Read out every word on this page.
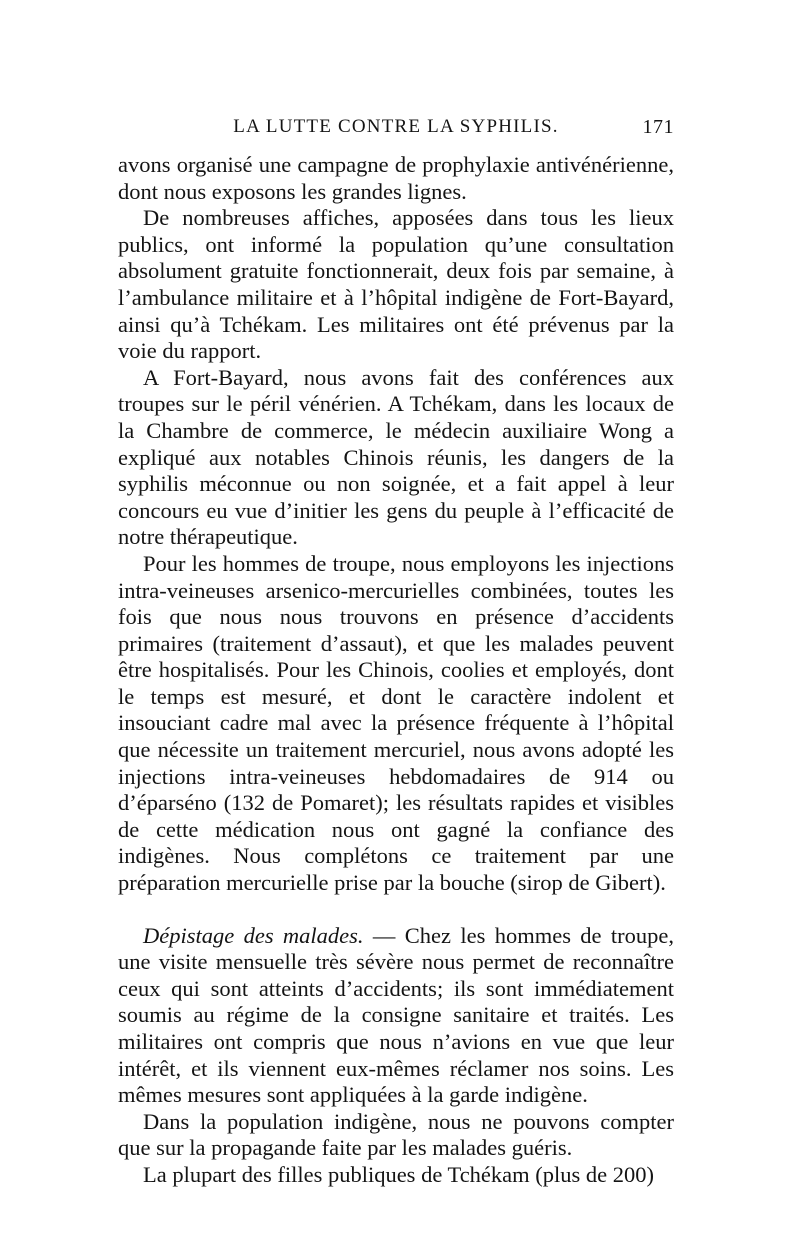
LA LUTTE CONTRE LA SYPHILIS.	171

avons organisé une campagne de prophylaxie antivénérienne, dont nous exposons les grandes lignes.

De nombreuses affiches, apposées dans tous les lieux publics, ont informé la population qu’une consultation absolument gratuite fonctionnerait, deux fois par semaine, à l’ambulance militaire et à l’hôpital indigène de Fort-Bayard, ainsi qu’à Tchékam. Les militaires ont été prévenus par la voie du rapport.

A Fort-Bayard, nous avons fait des conférences aux troupes sur le péril vénérien. A Tchékam, dans les locaux de la Chambre de commerce, le médecin auxiliaire Wong a expliqué aux notables Chinois réunis, les dangers de la syphilis méconnue ou non soignée, et a fait appel à leur concours eu vue d’initier les gens du peuple à l’efficacité de notre thérapeutique.

Pour les hommes de troupe, nous employons les injections intra-veineuses arsenico-mercurielles combinées, toutes les fois que nous nous trouvons en présence d’accidents primaires (traitement d’assaut), et que les malades peuvent être hospitalisés. Pour les Chinois, coolies et employés, dont le temps est mesuré, et dont le caractère indolent et insouciant cadre mal avec la présence fréquente à l’hôpital que nécessite un traitement mercuriel, nous avons adopté les injections intra-veineuses hebdomadaires de 914 ou d’éparséno (132 de Pomaret); les résultats rapides et visibles de cette médication nous ont gagné la confiance des indigènes. Nous complétons ce traitement par une préparation mercurielle prise par la bouche (sirop de Gibert).

Dépistage des malades. — Chez les hommes de troupe, une visite mensuelle très sévère nous permet de reconnaître ceux qui sont atteints d’accidents; ils sont immédiatement soumis au régime de la consigne sanitaire et traités. Les militaires ont compris que nous n’avions en vue que leur intérêt, et ils viennent eux-mêmes réclamer nos soins. Les mêmes mesures sont appliquées à la garde indigène.

Dans la population indigène, nous ne pouvons compter que sur la propagande faite par les malades guéris.

La plupart des filles publiques de Tchékam (plus de 200)
